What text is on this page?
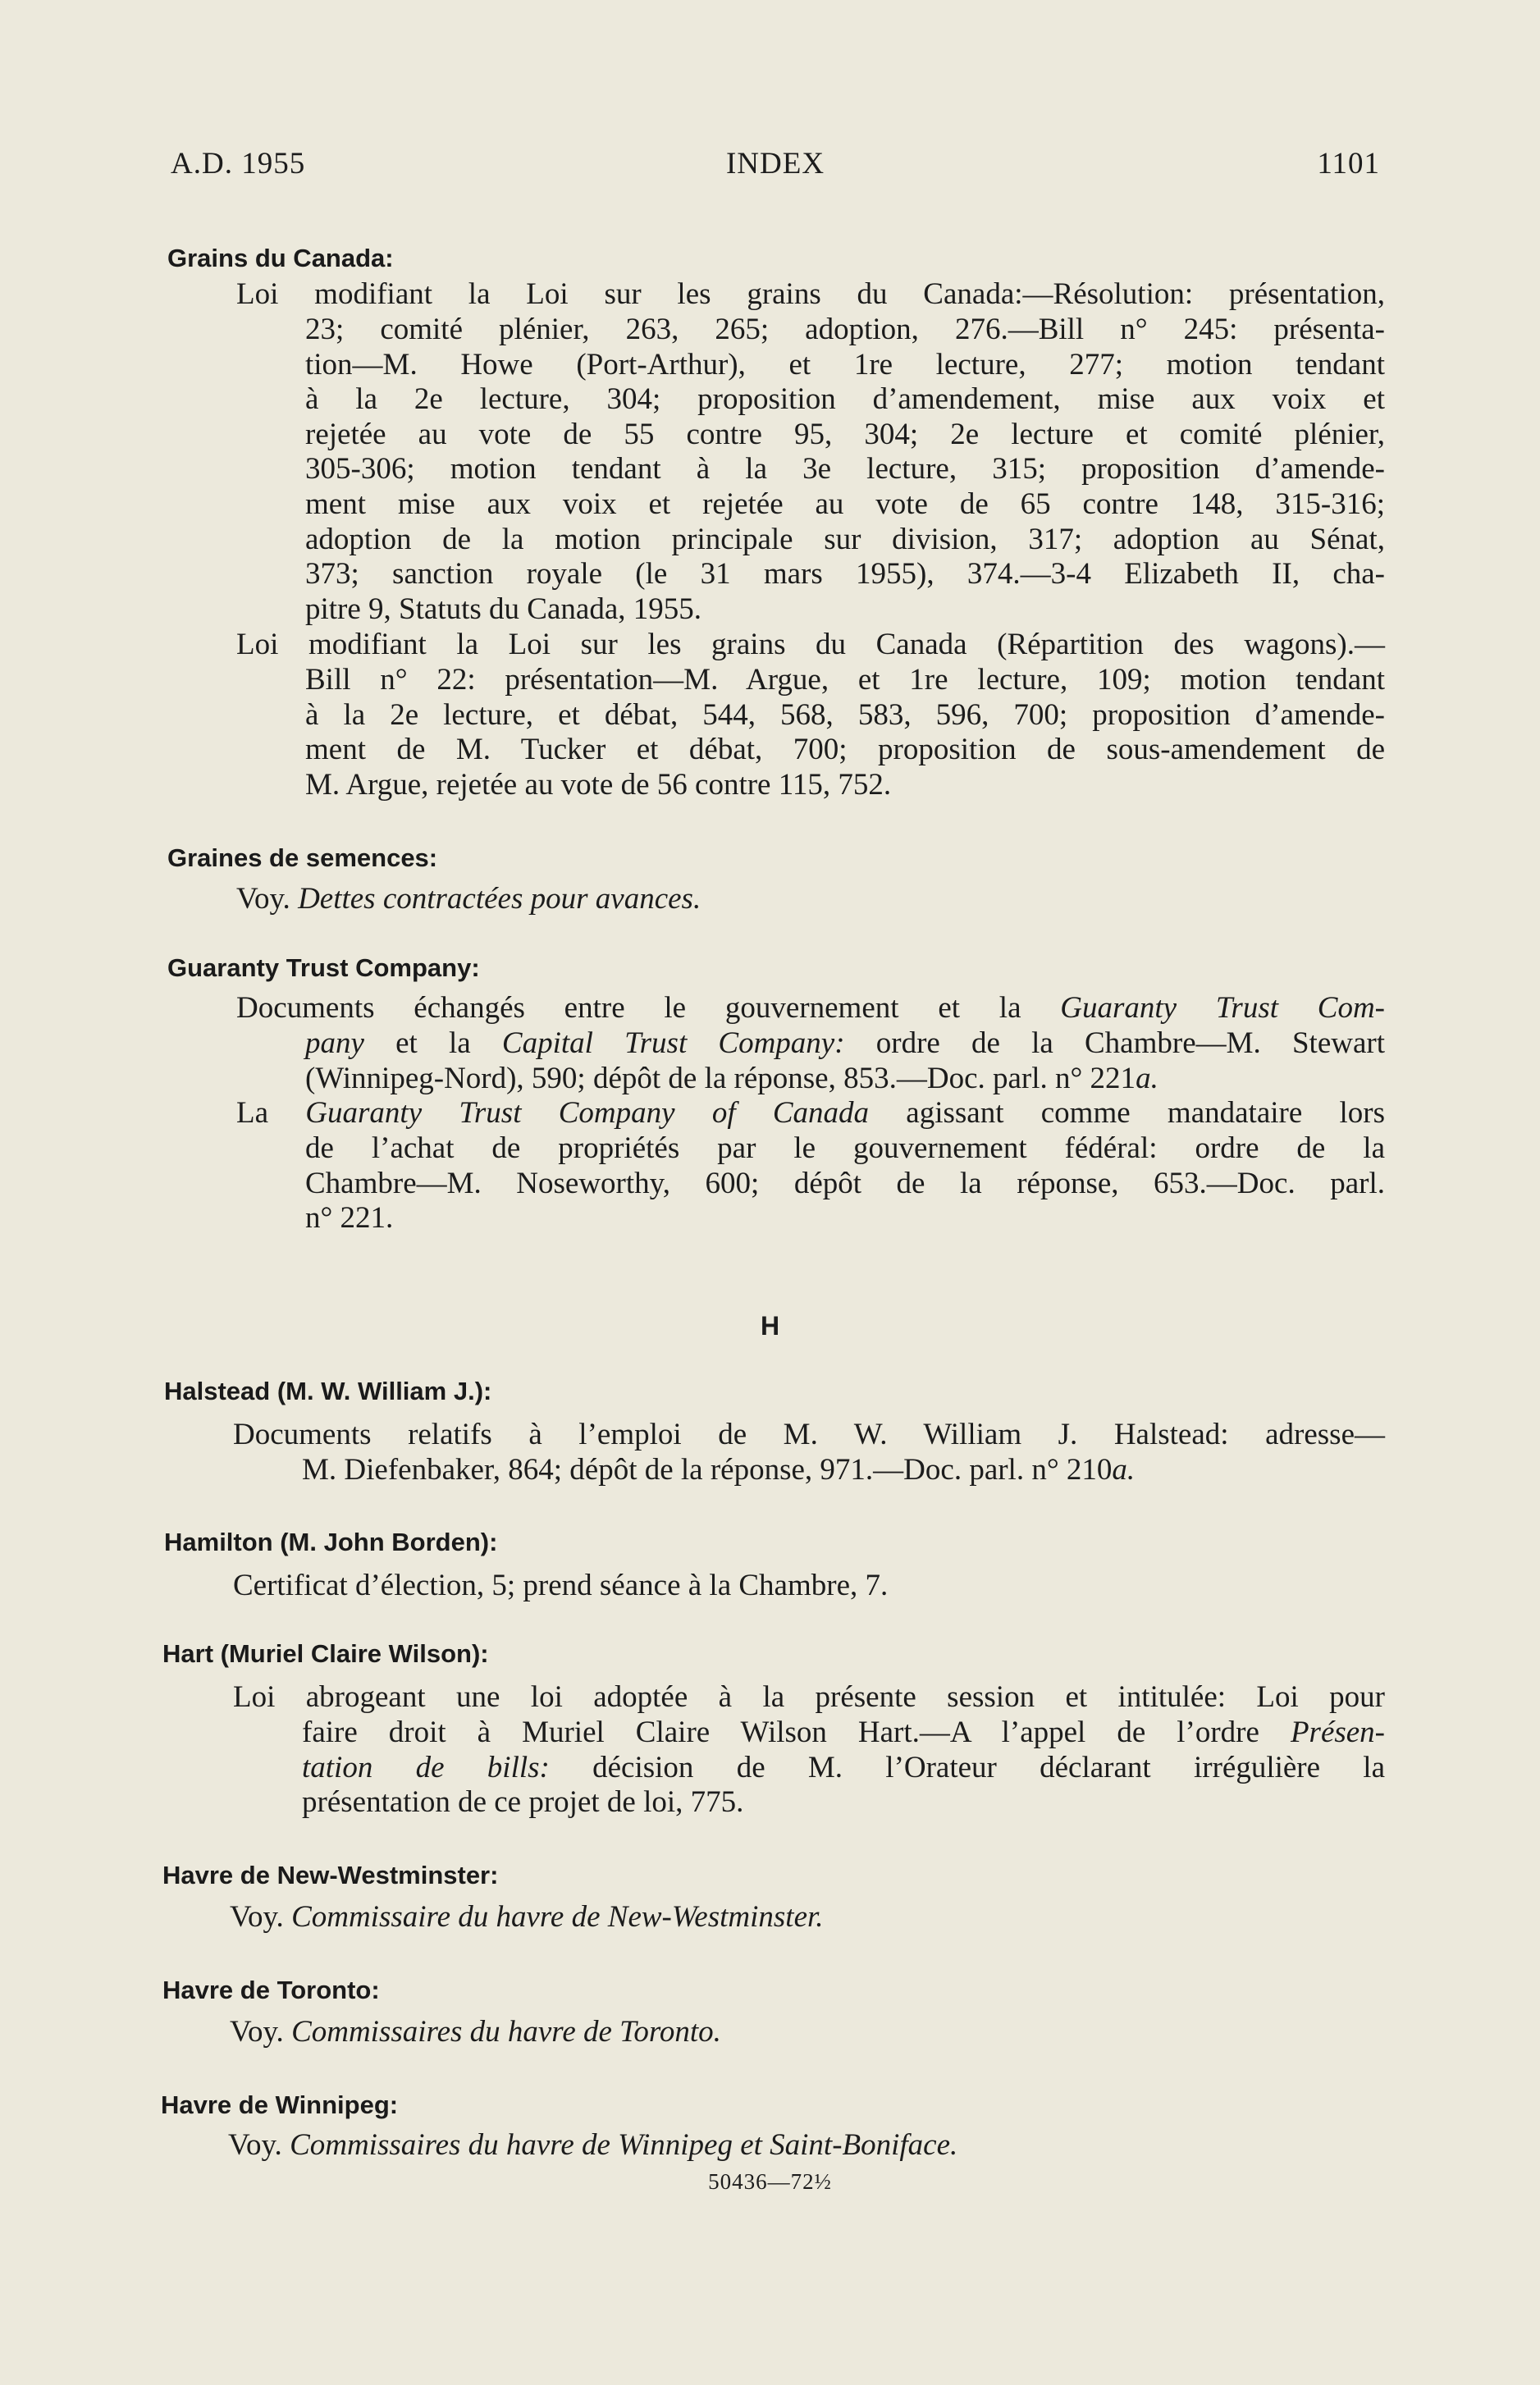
A.D. 1955	INDEX	1101
Grains du Canada:
Loi modifiant la Loi sur les grains du Canada:—Résolution: présentation,
23; comité plénier, 263, 265; adoption, 276.—Bill n° 245: présenta-
tion—M. Howe (Port-Arthur), et 1re lecture, 277; motion tendant
à la 2e lecture, 304; proposition d’amendement, mise aux voix et
rejetée au vote de 55 contre 95, 304; 2e lecture et comité plénier,
305-306; motion tendant à la 3e lecture, 315; proposition d’amende-
ment mise aux voix et rejetée au vote de 65 contre 148, 315-316;
adoption de la motion principale sur division, 317; adoption au Sénat,
373; sanction royale (le 31 mars 1955), 374.—3-4 Elizabeth II, cha-
pitre 9, Statuts du Canada, 1955.
Loi modifiant la Loi sur les grains du Canada (Répartition des wagons).—
Bill n° 22: présentation—M. Argue, et 1re lecture, 109; motion tendant
à la 2e lecture, et débat, 544, 568, 583, 596, 700; proposition d’amende-
ment de M. Tucker et débat, 700; proposition de sous-amendement de
M. Argue, rejetée au vote de 56 contre 115, 752.
Graines de semences:
Voy. Dettes contractées pour avances.
Guaranty Trust Company:
Documents échangés entre le gouvernement et la Guaranty Trust Com-
pany et la Capital Trust Company: ordre de la Chambre—M. Stewart
(Winnipeg-Nord), 590; dépôt de la réponse, 853.—Doc. parl. n° 221a.
La Guaranty Trust Company of Canada agissant comme mandataire lors
de l’achat de propriétés par le gouvernement fédéral: ordre de la
Chambre—M. Noseworthy, 600; dépôt de la réponse, 653.—Doc. parl.
n° 221.
H
Halstead (M. W. William J.):
Documents relatifs à l’emploi de M. W. William J. Halstead: adresse—
M. Diefenbaker, 864; dépôt de la réponse, 971.—Doc. parl. n° 210a.
Hamilton (M. John Borden):
Certificat d’élection, 5; prend séance à la Chambre, 7.
Hart (Muriel Claire Wilson):
Loi abrogeant une loi adoptée à la présente session et intitulée: Loi pour
faire droit à Muriel Claire Wilson Hart.—A l’appel de l’ordre Présen-
tation de bills: décision de M. l’Orateur déclarant irrégulière la
présentation de ce projet de loi, 775.
Havre de New-Westminster:
Voy. Commissaire du havre de New-Westminster.
Havre de Toronto:
Voy. Commissaires du havre de Toronto.
Havre de Winnipeg:
Voy. Commissaires du havre de Winnipeg et Saint-Boniface.
50436—72½
